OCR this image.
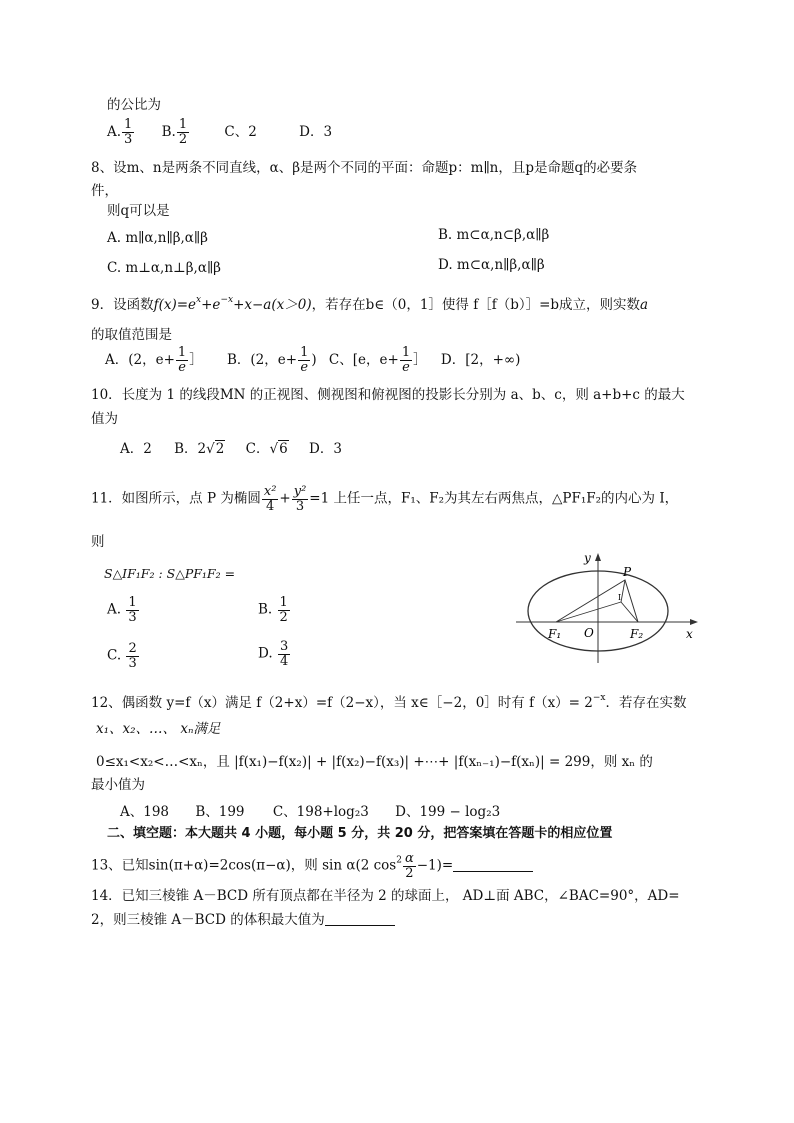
的公比为
A. $\frac{1}{3} B$. $\frac{1}{2}$	C、2	D．3
8、设m、n是两条不同直线，α、β是两个不同的平面：命题p：m∥n，且p是命题q的必要条
件，
则q可以是
A. m∥α,n∥β,α∥β	B. m⊂α,n⊂β,α∥β
C. m⊥α,n⊥β,α∥β	D. m⊂α,n∥β,α∥β
9．设函数$f(x)=e^x+e^{-x}+x-a(x>0)$，若存在b∈（0，1］使得 f［f（b）］=b成立，则实数a
的取值范围是
A．(2，$e+ \frac{1}{e}$ ］ B．(2，$e+ \frac{1}{e}$ ) C、[e，$e+ \frac{1}{e}$ ］ D．[2，+∞)
10．长度为 1 的线段MN 的正视图、侧视图和俯视图的投影长分别为 a、b、c，则 a+b+c 的最大
值为
A．2 B．2√2 C．√6 D．3
11．如图所示，点 P 为椭圆 $\frac{\text{x²}}{4} + \frac{\text{y²}}{3} =1$ 上任一点，F₁、F₂为其左右两焦点，△PF₁F₂的内心为 I，
则
S△IF₁F₂ : S△PF₁F₂ =
A. $\frac{1}{3}$	B. $\frac{1}{2}$
C. $\frac{2}{3}$	D. $\frac{3}{4}$
y
x
P
I
O
F₁	F₂
12、偶函数 y=f（x）满足 f（2+x）=f（2−x），当 x∈［−2，0］时有 $f(x)= 2^{-x}$．若存在实数
x₁、x₂、…、 xₙ满足
0≤x₁<x₂<…<xₙ，且 |f(x₁)−f(x₂)| + |f(x₂)−f(x₃)| +⋯+ |f(xₙ₋₁)−f(xₙ)| = 299，则 xₙ 的
最小值为
A、198 B、199 C、198+log₂3 D、199 − log₂3
二、填空题：本大题共 4 小题，每小题 5 分，共 20 分，把答案填在答题卡的相应位置
13、已知sin(π+α)=2cos(π−α)，则 sin α(2 $\cos^2 \frac{\alpha}{2} -1)=$
14．已知三棱锥 A－BCD 所有顶点都在半径为 2 的球面上， AD⊥面 ABC，∠BAC=90°，AD=
2，则三棱锥 A－BCD 的体积最大值为
